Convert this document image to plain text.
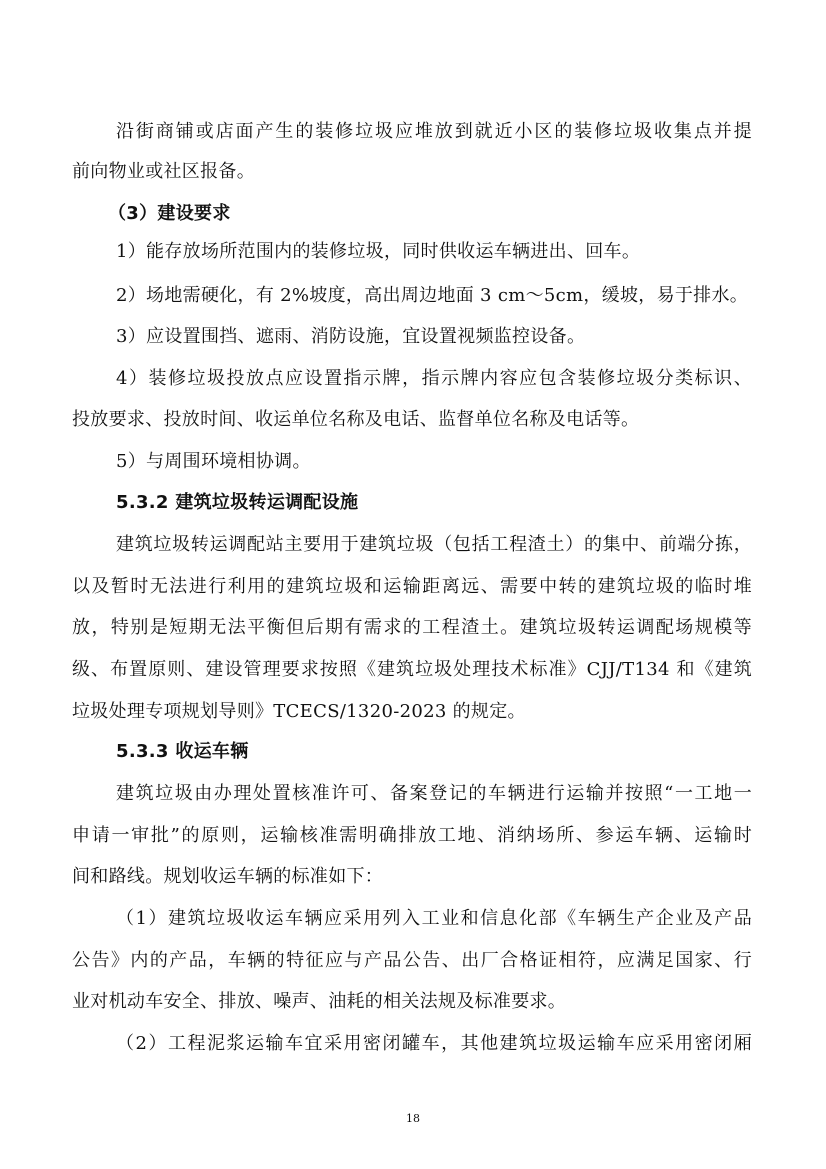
沿街商铺或店面产生的装修垃圾应堆放到就近小区的装修垃圾收集点并提
前向物业或社区报备。
（3）建设要求
1）能存放场所范围内的装修垃圾，同时供收运车辆进出、回车。
2）场地需硬化，有 2%坡度，高出周边地面 3 cm～5cm，缓坡，易于排水。
3）应设置围挡、遮雨、消防设施，宜设置视频监控设备。
4）装修垃圾投放点应设置指示牌，指示牌内容应包含装修垃圾分类标识、
投放要求、投放时间、收运单位名称及电话、监督单位名称及电话等。
5）与周围环境相协调。
5.3.2 建筑垃圾转运调配设施
建筑垃圾转运调配站主要用于建筑垃圾（包括工程渣土）的集中、前端分拣，
以及暂时无法进行利用的建筑垃圾和运输距离远、需要中转的建筑垃圾的临时堆
放，特别是短期无法平衡但后期有需求的工程渣土。建筑垃圾转运调配场规模等
级、布置原则、建设管理要求按照《建筑垃圾处理技术标准》CJJ/T134 和《建筑
垃圾处理专项规划导则》TCECS/1320-2023 的规定。
5.3.3 收运车辆
建筑垃圾由办理处置核准许可、备案登记的车辆进行运输并按照“一工地一
申请一审批”的原则，运输核准需明确排放工地、消纳场所、参运车辆、运输时
间和路线。规划收运车辆的标准如下：
（1）建筑垃圾收运车辆应采用列入工业和信息化部《车辆生产企业及产品
公告》内的产品，车辆的特征应与产品公告、出厂合格证相符，应满足国家、行
业对机动车安全、排放、噪声、油耗的相关法规及标准要求。
（2）工程泥浆运输车宜采用密闭罐车，其他建筑垃圾运输车应采用密闭厢
18
